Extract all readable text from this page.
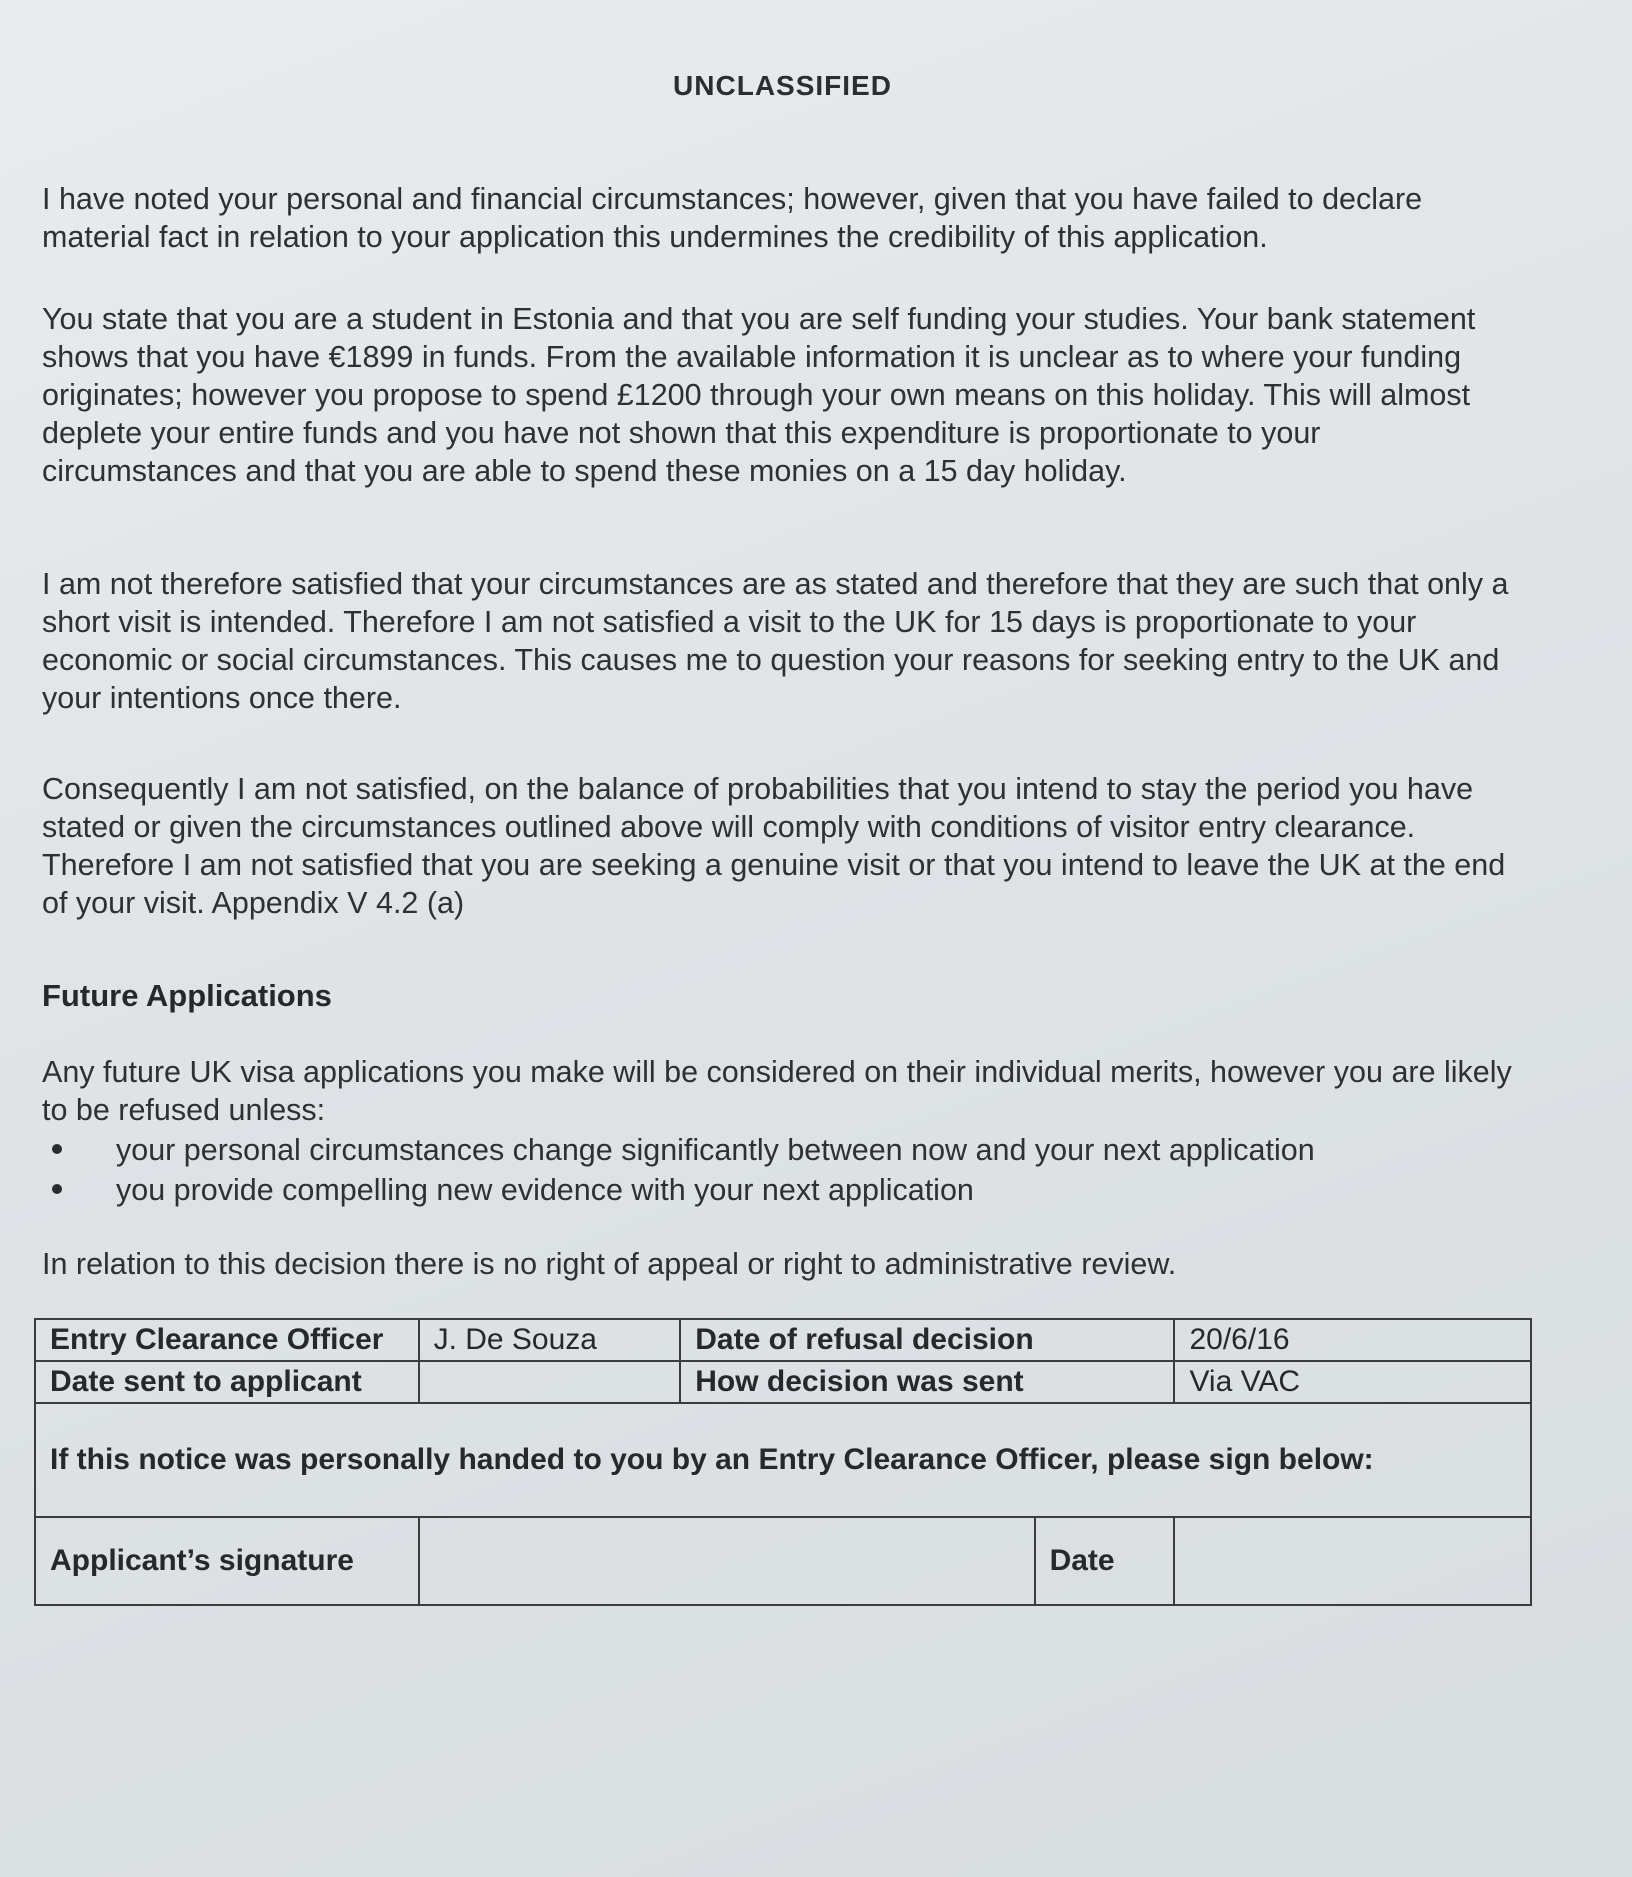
UNCLASSIFIED

I have noted your personal and financial circumstances; however, given that you have failed to declare material fact in relation to your application this undermines the credibility of this application.

You state that you are a student in Estonia and that you are self funding your studies. Your bank statement shows that you have €1899 in funds. From the available information it is unclear as to where your funding originates; however you propose to spend £1200 through your own means on this holiday. This will almost deplete your entire funds and you have not shown that this expenditure is proportionate to your circumstances and that you are able to spend these monies on a 15 day holiday.

I am not therefore satisfied that your circumstances are as stated and therefore that they are such that only a short visit is intended. Therefore I am not satisfied a visit to the UK for 15 days is proportionate to your economic or social circumstances. This causes me to question your reasons for seeking entry to the UK and your intentions once there.

Consequently I am not satisfied, on the balance of probabilities that you intend to stay the period you have stated or given the circumstances outlined above will comply with conditions of visitor entry clearance. Therefore I am not satisfied that you are seeking a genuine visit or that you intend to leave the UK at the end of your visit. Appendix V 4.2 (a)

Future Applications

Any future UK visa applications you make will be considered on their individual merits, however you are likely to be refused unless:

your personal circumstances change significantly between now and your next application
you provide compelling new evidence with your next application

In relation to this decision there is no right of appeal or right to administrative review.

Entry Clearance Officer	J. De Souza	Date of refusal decision		20/6/16
Date sent to applicant		How decision was sent		Via VAC
If this notice was personally handed to you by an Entry Clearance Officer, please sign below:				
Applicant’s signature			Date	
